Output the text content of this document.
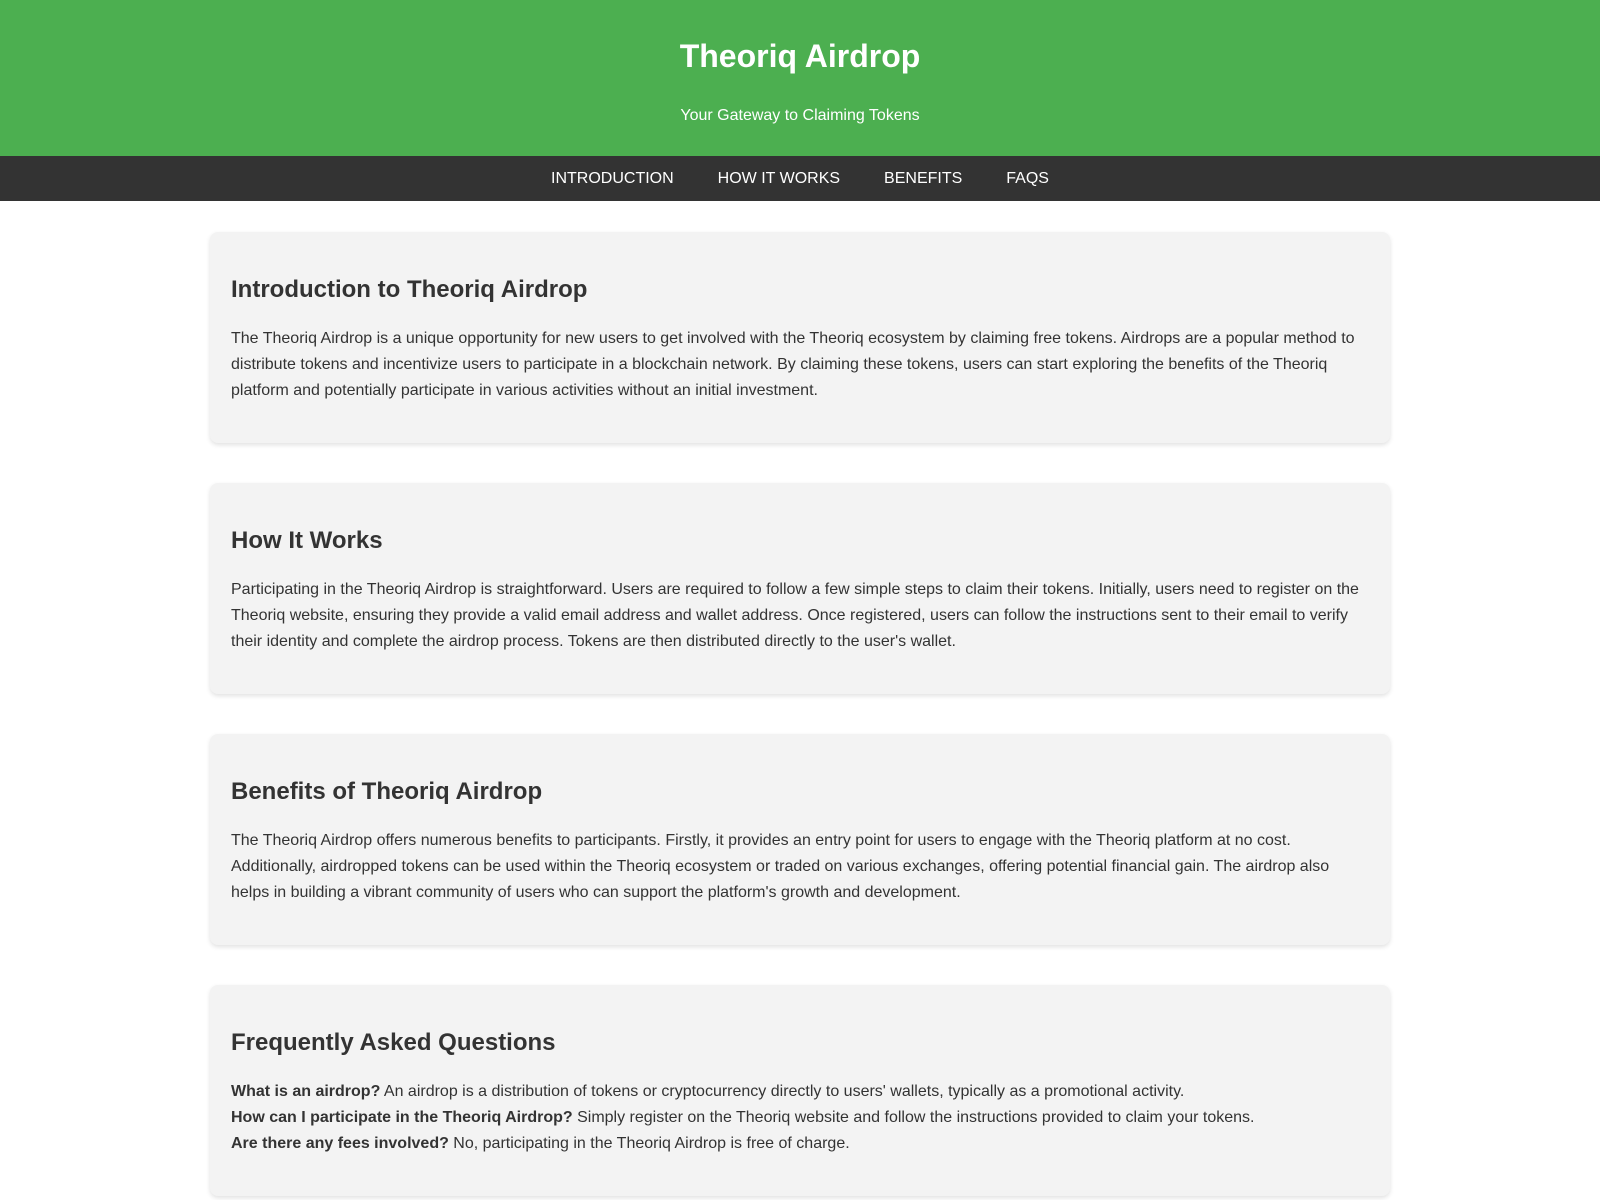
Theoriq Airdrop

Your Gateway to Claiming Tokens

INTRODUCTION	HOW IT WORKS	BENEFITS	FAQS
Introduction to Theoriq Airdrop

The Theoriq Airdrop is a unique opportunity for new users to get involved with the Theoriq ecosystem by claiming free tokens. Airdrops are a popular method to distribute tokens and incentivize users to participate in a blockchain network. By claiming these tokens, users can start exploring the benefits of the Theoriq platform and potentially participate in various activities without an initial investment.

How It Works

Participating in the Theoriq Airdrop is straightforward. Users are required to follow a few simple steps to claim their tokens. Initially, users need to register on the Theoriq website, ensuring they provide a valid email address and wallet address. Once registered, users can follow the instructions sent to their email to verify their identity and complete the airdrop process. Tokens are then distributed directly to the user's wallet.

Benefits of Theoriq Airdrop

The Theoriq Airdrop offers numerous benefits to participants. Firstly, it provides an entry point for users to engage with the Theoriq platform at no cost. Additionally, airdropped tokens can be used within the Theoriq ecosystem or traded on various exchanges, offering potential financial gain. The airdrop also helps in building a vibrant community of users who can support the platform's growth and development.

Frequently Asked Questions

What is an airdrop? An airdrop is a distribution of tokens or cryptocurrency directly to users' wallets, typically as a promotional activity.

How can I participate in the Theoriq Airdrop? Simply register on the Theoriq website and follow the instructions provided to claim your tokens.

Are there any fees involved? No, participating in the Theoriq Airdrop is free of charge.
